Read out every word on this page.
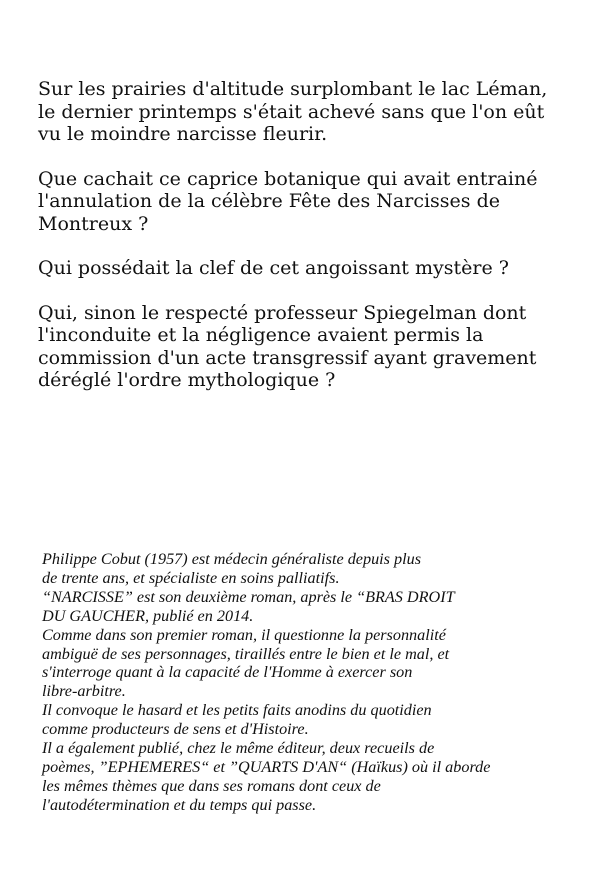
Sur les prairies d'altitude surplombant le lac Léman,
le dernier printemps s'était achevé sans que l'on eût
vu le moindre narcisse fleurir.

Que cachait ce caprice botanique qui avait entrainé
l'annulation de la célèbre Fête des Narcisses de
Montreux ?

Qui possédait la clef de cet angoissant mystère ?

Qui, sinon le respecté professeur Spiegelman dont
l'inconduite et la négligence avaient permis la
commission d'un acte transgressif ayant gravement
déréglé l'ordre mythologique ?

Philippe Cobut (1957) est médecin généraliste depuis plus
de trente ans, et spécialiste en soins palliatifs.
“NARCISSE” est son deuxième roman, après le “BRAS DROIT
DU GAUCHER, publié en 2014.
Comme dans son premier roman, il questionne la personnalité
ambiguë de ses personnages, tiraillés entre le bien et le mal, et
s'interroge quant à la capacité de l'Homme à exercer son
libre-arbitre.
Il convoque le hasard et les petits faits anodins du quotidien
comme producteurs de sens et d'Histoire.
Il a également publié, chez le même éditeur, deux recueils de
poèmes, ”EPHEMERES“ et ”QUARTS D'AN“ (Haïkus) où il aborde
les mêmes thèmes que dans ses romans dont ceux de
l'autodétermination et du temps qui passe.
